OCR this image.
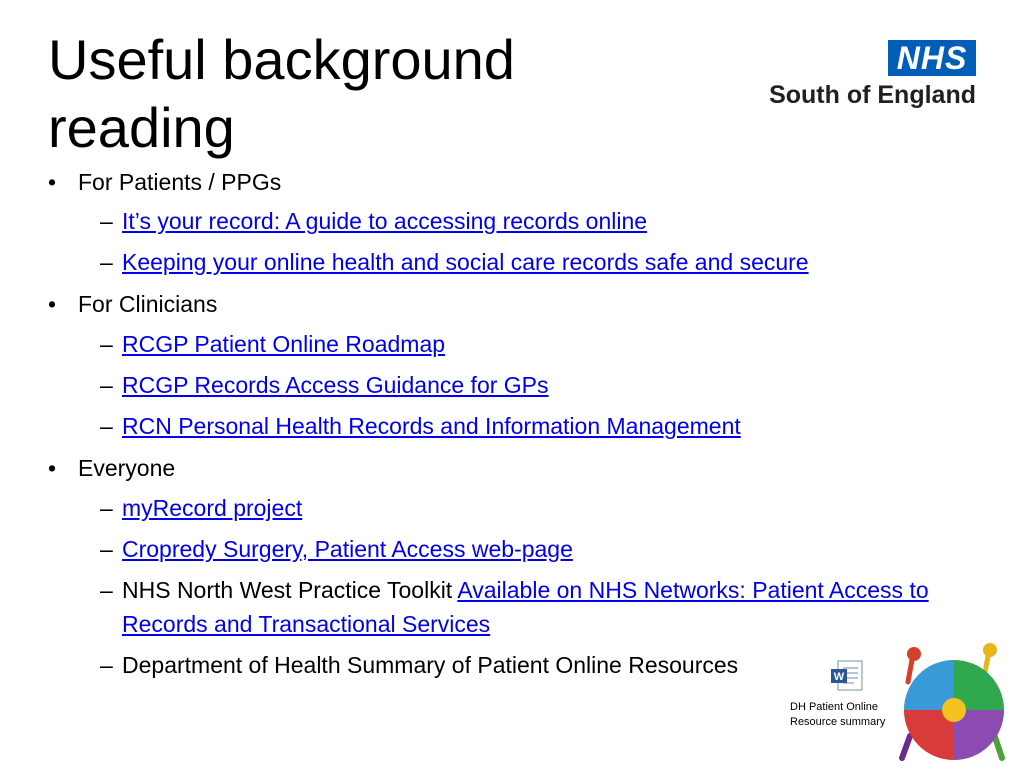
Useful background reading
NHS
South of England
• For Patients / PPGs
– It’s your record: A guide to accessing records online
– Keeping your online health and social care records safe and secure
• For Clinicians
– RCGP Patient Online Roadmap
– RCGP Records Access Guidance for GPs
– RCN Personal Health Records and Information Management
• Everyone
– myRecord project
– Cropredy Surgery, Patient Access web-page
– NHS North West Practice Toolkit Available on NHS Networks: Patient Access to Records and Transactional Services
– Department of Health Summary of Patient Online Resources	W
DH Patient Online
Resource summary
